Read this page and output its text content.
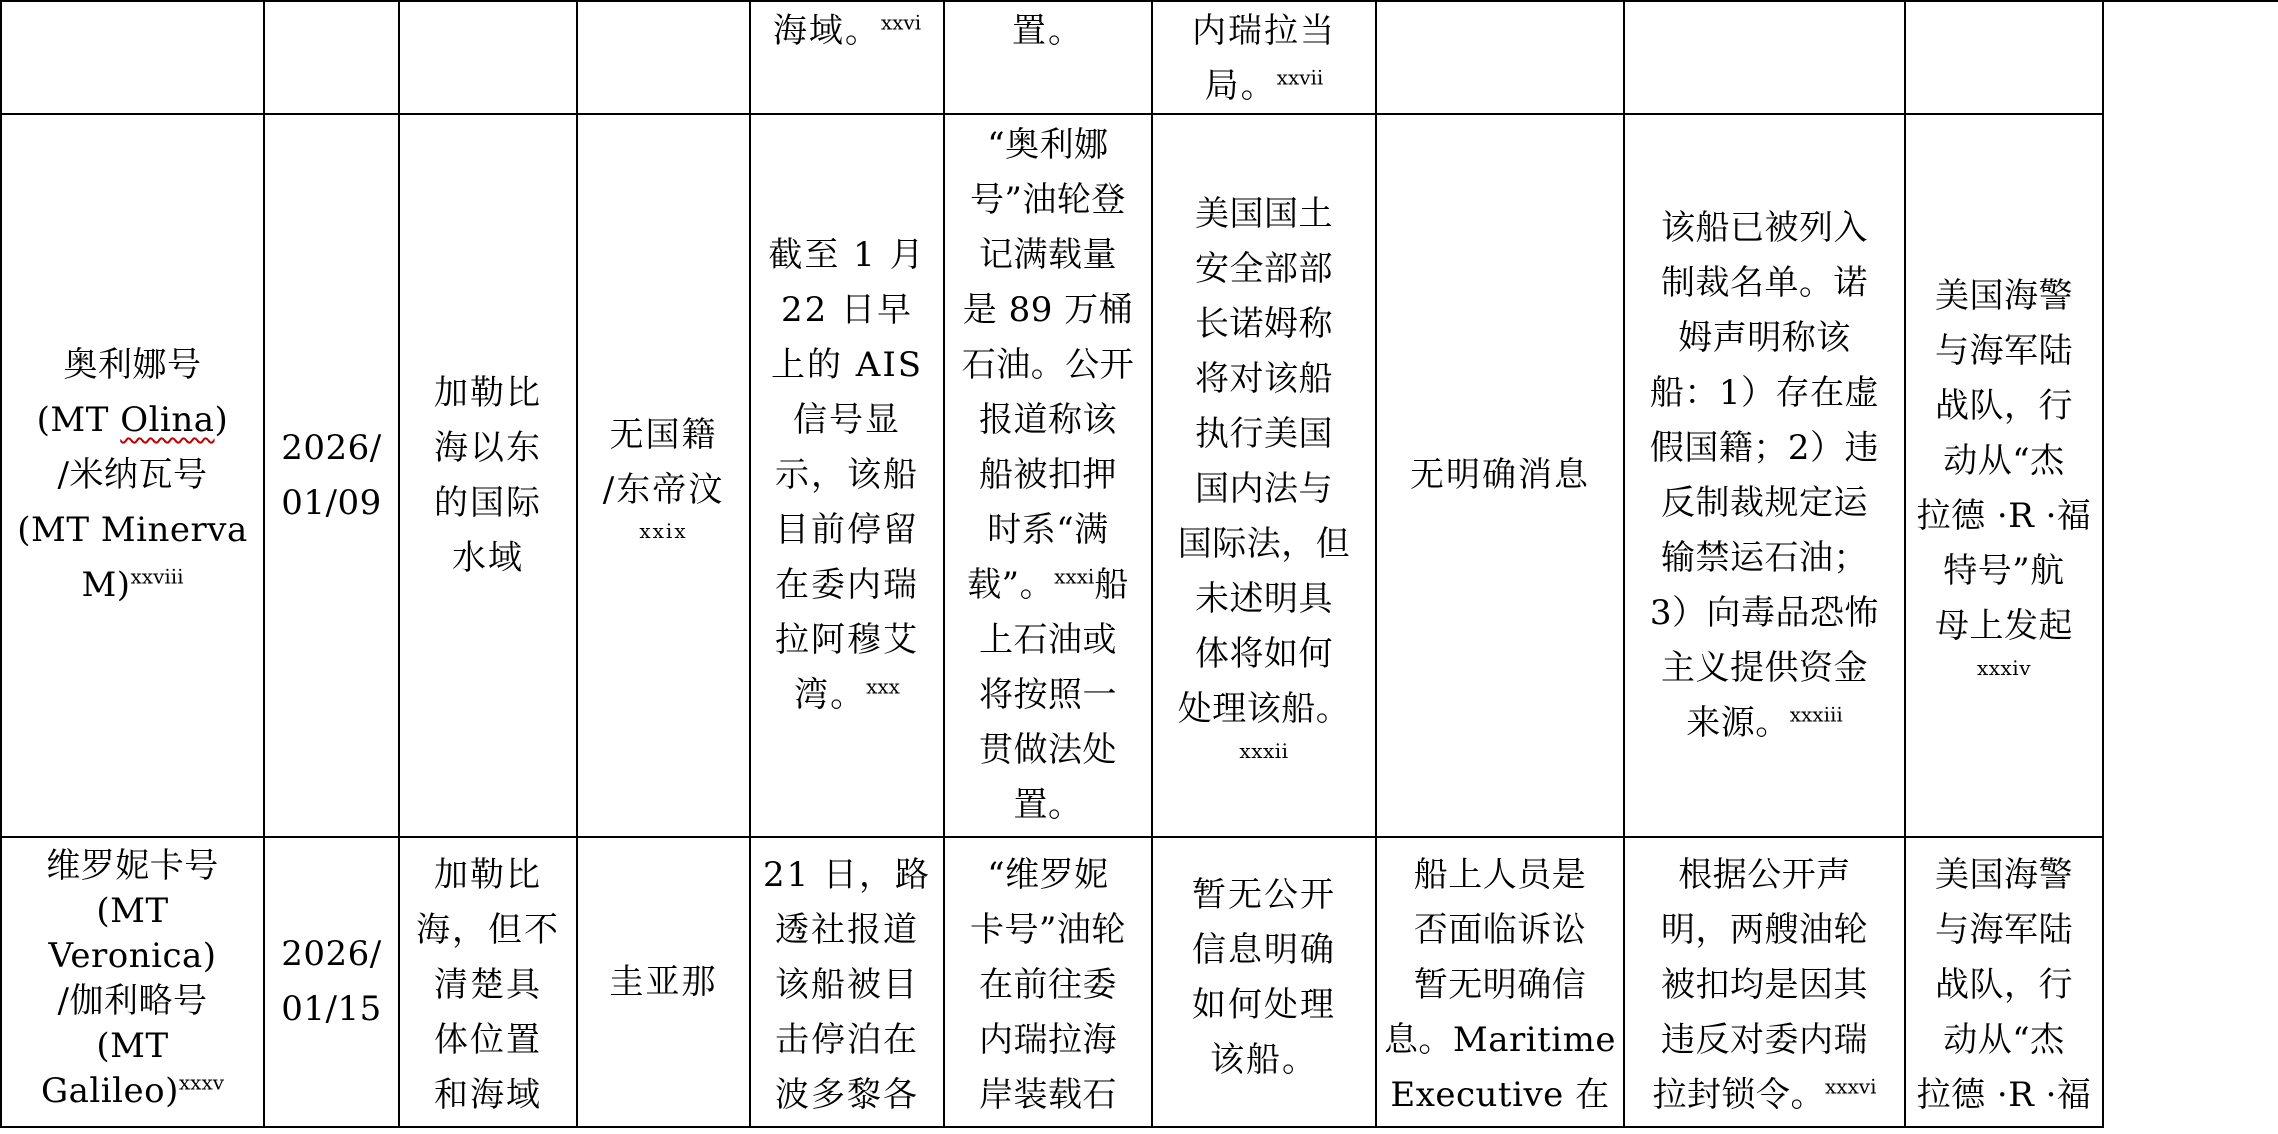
海域。$^{xxvi}$	置。	内瑞拉当
局。$^{xxvii}$
奥利娜号
(MT Olina)
/米纳瓦号
(MT Minerva
M)$^{xxviii}$
2026/
01/09
加勒比
海以东
的国际
水域
无国籍
/东帝汶
xxix
截至 1 月
22 日早
上的 AIS
信号显
示，该船
目前停留
在委内瑞
拉阿穆艾
湾。$^{xxx}$
“奥利娜
号”油轮登
记满载量
是 89 万桶
石油。公开
报道称该
船被扣押
时系“满
载”。$^{xxxi}$船
上石油或
将按照一
贯做法处
置。
美国国土
安全部部
长诺姆称
将对该船
执行美国
国内法与
国际法，但
未述明具
体将如何
处理该船。
xxxii
无明确消息
该船已被列入
制裁名单。诺
姆声明称该
船：1）存在虚
假国籍；2）违
反制裁规定运
输禁运石油；
3）向毒品恐怖
主义提供资金
来源。$^{xxxiii}$
美国海警
与海军陆
战队，行
动从“杰
拉德 ·R ·福
特号”航
母上发起
xxxiv
维罗妮卡号
(MT
Veronica)
/伽利略号
(MT
Galileo)$^{xxxv}$
2026/
01/15
加勒比
海，但不
清楚具
体位置
和海域
圭亚那
21 日，路
透社报道
该船被目
击停泊在
波多黎各
“维罗妮
卡号”油轮
在前往委
内瑞拉海
岸装载石
暂无公开
信息明确
如何处理
该船。
船上人员是
否面临诉讼
暂无明确信
息。Maritime
Executive 在
根据公开声
明，两艘油轮
被扣均是因其
违反对委内瑞
拉封锁令。$^{xxxvi}$
美国海警
与海军陆
战队，行
动从“杰
拉德 ·R ·福
